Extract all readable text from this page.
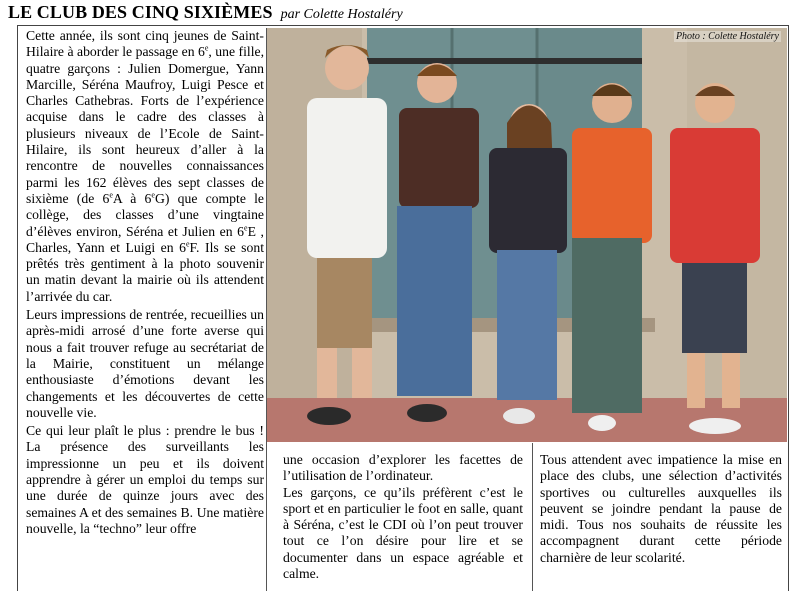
LE CLUB DES CINQ SIXIÈMES par Colette Hostaléry

Cette année, ils sont cinq jeunes de Saint-Hilaire à aborder le passage en 6e, une fille, quatre garçons : Julien Domergue, Yann Marcille, Séréna Maufroy, Luigi Pesce et Charles Cathebras. Forts de l’expérience acquise dans le cadre des classes à plusieurs niveaux de l’Ecole de Saint-Hilaire, ils sont heureux d’aller à la rencontre de nouvelles connaissances parmi les 162 élèves des sept classes de sixième (de 6eA à 6eG) que compte le collège, des classes d’une vingtaine d’élèves environ, Séréna et Julien en 6eE , Charles, Yann et Luigi en 6eF. Ils se sont prêtés très gentiment à la photo souvenir un matin devant la mairie où ils attendent l’arrivée du car.

Leurs impressions de rentrée, recueillies un après-midi arrosé d’une forte averse qui nous a fait trouver refuge au secrétariat de la Mairie, constituent un mélange enthousiaste d’émotions devant les changements et les découvertes de cette nouvelle vie.

Ce qui leur plaît le plus : prendre le bus ! La présence des surveillants les impressionne un peu et ils doivent apprendre à gérer un emploi du temps sur une durée de quinze jours avec des semaines A et des semaines B. Une matière nouvelle, la “techno” leur offre

Photo : Colette Hostaléry

une occasion d’explorer les facettes de l’utilisation de l’ordinateur.

Les garçons, ce qu’ils préfèrent c’est le sport et en particulier le foot en salle, quant à Séréna, c’est le CDI où l’on peut trouver tout ce l’on désire pour lire et se documenter dans un espace agréable et calme.

Tous attendent avec impatience la mise en place des clubs, une sélection d’activités sportives ou culturelles auxquelles ils peuvent se joindre pendant la pause de midi. Tous nos souhaits de réussite les accompagnent durant cette période charnière de leur scolarité.
